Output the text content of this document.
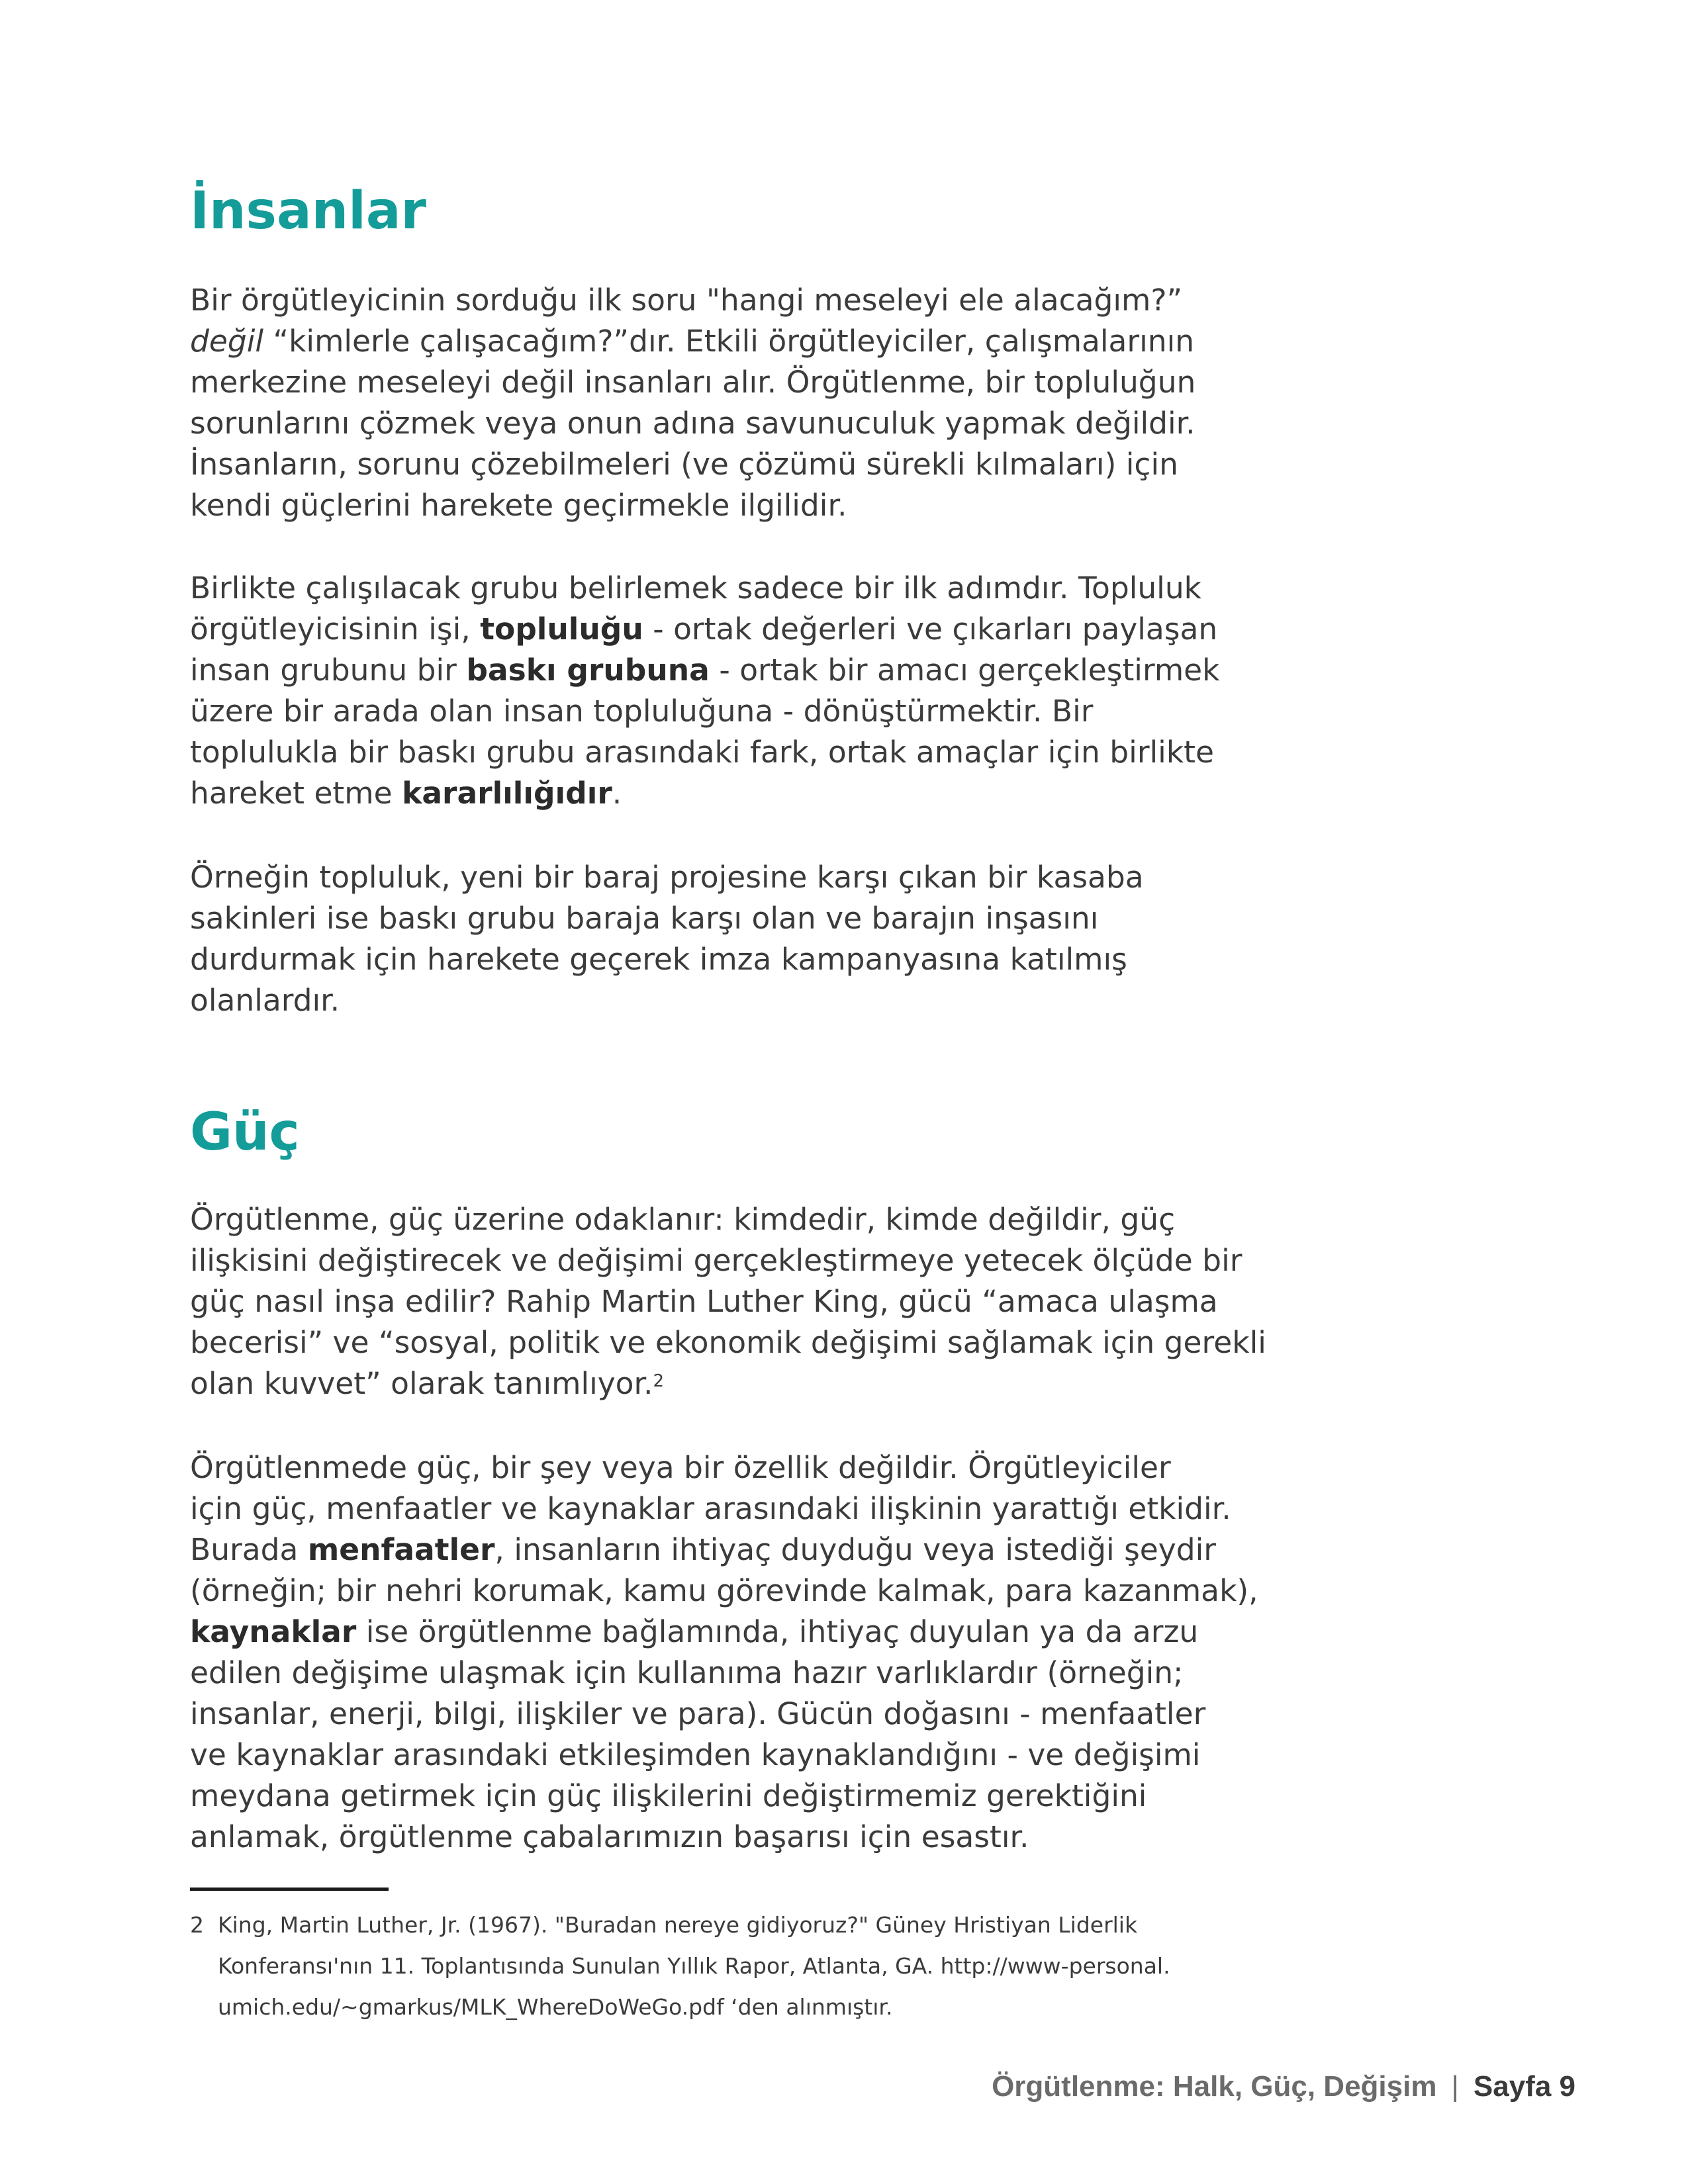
İnsanlar

Bir örgütleyicinin sorduğu ilk soru "hangi meseleyi ele alacağım?”
değil “kimlerle çalışacağım?”dır. Etkili örgütleyiciler, çalışmalarının
merkezine meseleyi değil insanları alır. Örgütlenme, bir topluluğun
sorunlarını çözmek veya onun adına savunuculuk yapmak değildir.
İnsanların, sorunu çözebilmeleri (ve çözümü sürekli kılmaları) için
kendi güçlerini harekete geçirmekle ilgilidir.

Birlikte çalışılacak grubu belirlemek sadece bir ilk adımdır. Topluluk
örgütleyicisinin işi, topluluğu - ortak değerleri ve çıkarları paylaşan
insan grubunu bir baskı grubuna - ortak bir amacı gerçekleştirmek
üzere bir arada olan insan topluluğuna - dönüştürmektir. Bir
toplulukla bir baskı grubu arasındaki fark, ortak amaçlar için birlikte
hareket etme kararlılığıdır.

Örneğin topluluk, yeni bir baraj projesine karşı çıkan bir kasaba
sakinleri ise baskı grubu baraja karşı olan ve barajın inşasını
durdurmak için harekete geçerek imza kampanyasına katılmış
olanlardır.

Güç

Örgütlenme, güç üzerine odaklanır: kimdedir, kimde değildir, güç
ilişkisini değiştirecek ve değişimi gerçekleştirmeye yetecek ölçüde bir
güç nasıl inşa edilir? Rahip Martin Luther King, gücü “amaca ulaşma
becerisi” ve “sosyal, politik ve ekonomik değişimi sağlamak için gerekli
olan kuvvet” olarak tanımlıyor.$^2$

Örgütlenmede güç, bir şey veya bir özellik değildir. Örgütleyiciler
için güç, menfaatler ve kaynaklar arasındaki ilişkinin yarattığı etkidir.
Burada menfaatler, insanların ihtiyaç duyduğu veya istediği şeydir
(örneğin; bir nehri korumak, kamu görevinde kalmak, para kazanmak),
kaynaklar ise örgütlenme bağlamında, ihtiyaç duyulan ya da arzu
edilen değişime ulaşmak için kullanıma hazır varlıklardır (örneğin;
insanlar, enerji, bilgi, ilişkiler ve para). Gücün doğasını - menfaatler
ve kaynaklar arasındaki etkileşimden kaynaklandığını - ve değişimi
meydana getirmek için güç ilişkilerini değiştirmemiz gerektiğini
anlamak, örgütlenme çabalarımızın başarısı için esastır.

2 King, Martin Luther, Jr. (1967). "Buradan nereye gidiyoruz?" Güney Hristiyan Liderlik
Konferansı'nın 11. Toplantısında Sunulan Yıllık Rapor, Atlanta, GA. http://www-personal.
umich.edu/~gmarkus/MLK_WhereDoWeGo.pdf ‘den alınmıştır.

Örgütlenme: Halk, Güç, Değişim | Sayfa 9
